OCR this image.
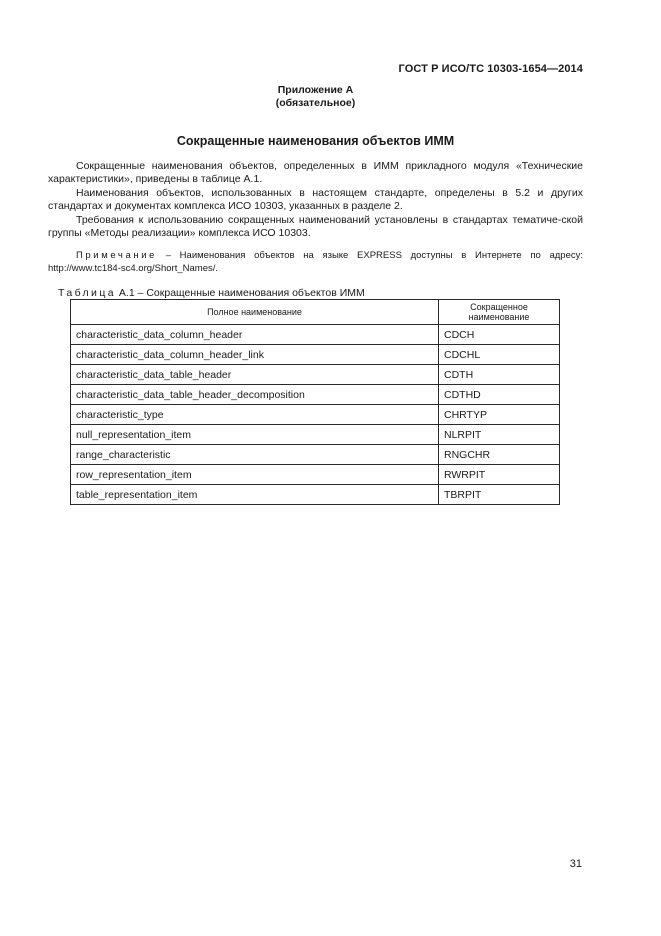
ГОСТ Р ИСО/ТС 10303-1654—2014
Приложение А
(обязательное)
Сокращенные наименования объектов ИММ

Сокращенные наименования объектов, определенных в ИММ прикладного модуля «Технические характеристики», приведены в таблице А.1.

Наименования объектов, использованных в настоящем стандарте, определены в 5.2 и других стандартах и документах комплекса ИСО 10303, указанных в разделе 2.

Требования к использованию сокращенных наименований установлены в стандартах тематиче-ской группы «Методы реализации» комплекса ИСО 10303.

Примечание – Наименования объектов на языке EXPRESS доступны в Интернете по адресу: http://www.tc184-sc4.org/Short_Names/.

Таблица А.1 – Сокращенные наименования объектов ИММ
Полное наименование	Сокращенное наименование
characteristic_data_column_header	CDCH
characteristic_data_column_header_link	CDCHL
characteristic_data_table_header	CDTH
characteristic_data_table_header_decomposition	CDTHD
characteristic_type	CHRTYP
null_representation_item	NLRPIT
range_characteristic	RNGCHR
row_representation_item	RWRPIT
table_representation_item	TBRPIT
31
